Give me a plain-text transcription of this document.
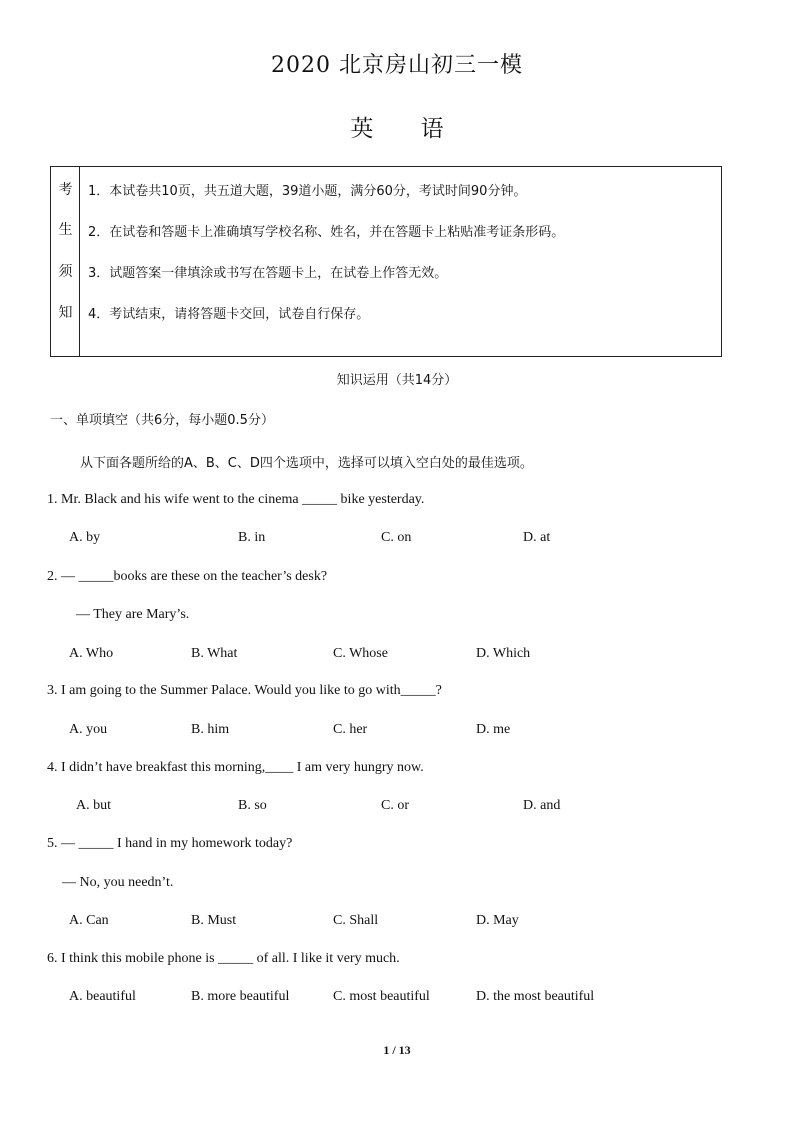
2020 北京房山初三一模
英 语
考
生
须
知
1．本试卷共10页，共五道大题，39道小题，满分60分，考试时间90分钟。
2．在试卷和答题卡上准确填写学校名称、姓名，并在答题卡上粘贴准考证条形码。
3．试题答案一律填涂或书写在答题卡上，在试卷上作答无效。
4．考试结束，请将答题卡交回，试卷自行保存。
知识运用（共14分）
一、单项填空（共6分，每小题0.5分）
从下面各题所给的A、B、C、D四个选项中，选择可以填入空白处的最佳选项。
1. Mr. Black and his wife went to the cinema _____ bike yesterday.
A. by	B. in	C. on	D. at
2. — _____books are these on the teacher’s desk?
— They are Mary’s.
A. Who	B. What	C. Whose	D. Which
3. I am going to the Summer Palace. Would you like to go with_____?
A. you	B. him	C. her	D. me
4. I didn’t have breakfast this morning,____ I am very hungry now.
A. but	B. so	C. or	D. and
5. — _____ I hand in my homework today?
— No, you needn’t.
A. Can	B. Must	C. Shall	D. May
6. I think this mobile phone is _____ of all. I like it very much.
A. beautiful	B. more beautiful	C. most beautiful	D. the most beautiful
1 / 13
